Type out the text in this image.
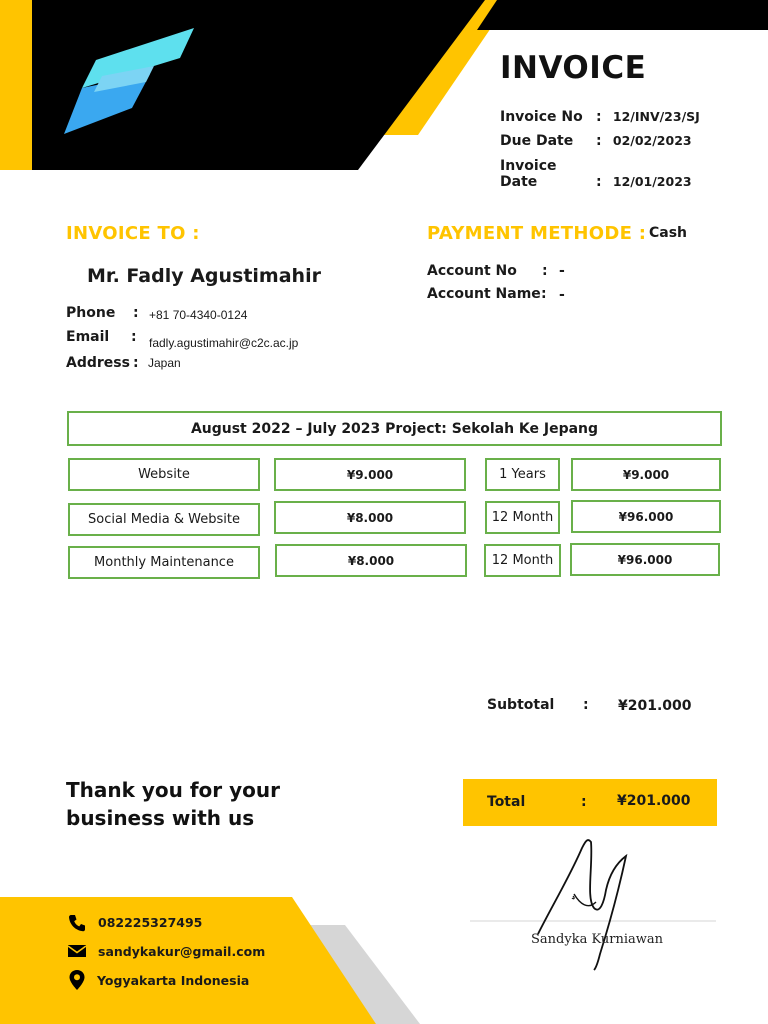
INVOICE
Invoice No : 12/INV/23/SJ
Due Date : 02/02/2023
Invoice Date	: 12/01/2023
INVOICE TO :
Mr. Fadly Agustimahir
Phone : +81 70-4340-0124
Email : fadly.agustimahir@c2c.ac.jp
Address : Japan
PAYMENT METHODE : Cash
Account No : -
Account Name : -
August 2022 – July 2023 Project: Sekolah Ke Jepang
Website	¥9.000	1 Years	¥9.000
Social Media & Website	¥8.000	12 Month	¥96.000
Monthly Maintenance	¥8.000	12 Month	¥96.000
Subtotal : ¥201.000
Total	: ¥201.000
Thank you for your
business with us
082225327495
sandykakur@gmail.com
Yogyakarta Indonesia
Sandyka Kurniawan
